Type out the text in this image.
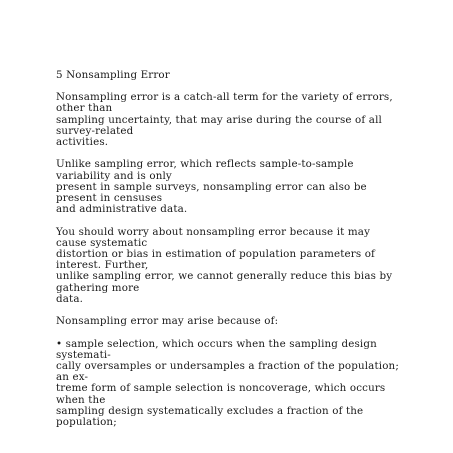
5 Nonsampling Error
Nonsampling error is a catch-all term for the variety of errors,
other than
sampling uncertainty, that may arise during the course of all
survey-related
activities.
Unlike sampling error, which reflects sample-to-sample
variability and is only
present in sample surveys, nonsampling error can also be
present in censuses
and administrative data.
You should worry about nonsampling error because it may
cause systematic
distortion or bias in estimation of population parameters of
interest. Further,
unlike sampling error, we cannot generally reduce this bias by
gathering more
data.
Nonsampling error may arise because of:
• sample selection, which occurs when the sampling design
systemati-
cally oversamples or undersamples a fraction of the population;
an ex-
treme form of sample selection is noncoverage, which occurs
when the
sampling design systematically excludes a fraction of the
population;
